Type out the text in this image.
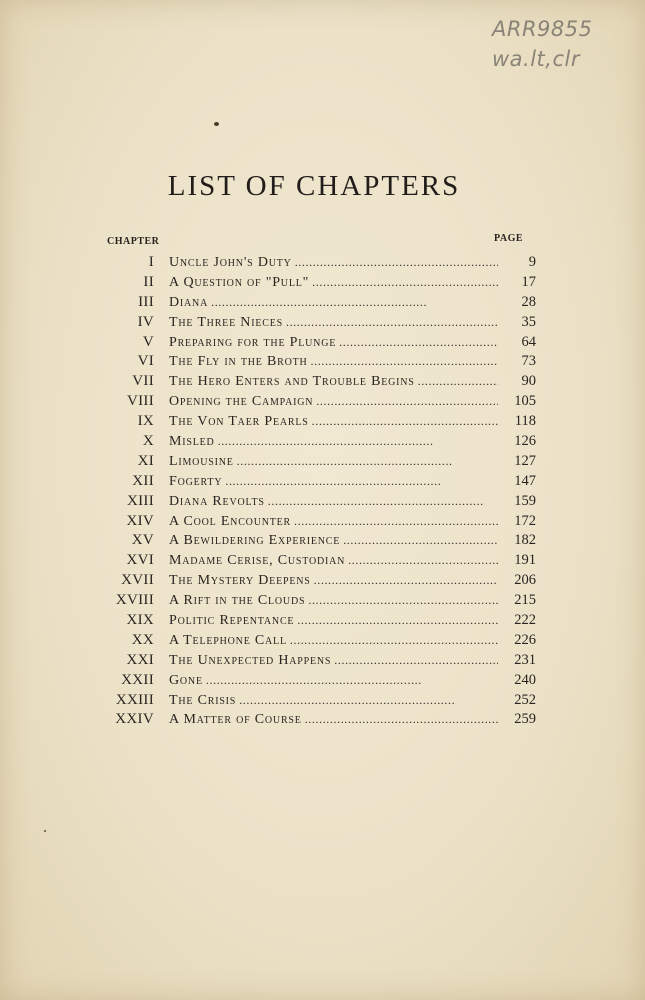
ARR9855
wa.lt,clr
LIST OF CHAPTERS
CHAPTER	PAGE
I	Uncle John's Duty . . .	9
II	A Question of "Pull" . . .	17
III	Diana . . .	28
IV	The Three Nieces . . .	35
V	Preparing for the Plunge . . .	64
VI	The Fly in the Broth . . .	73
VII	The Hero Enters and Trouble Begins . . .	90
VIII	Opening the Campaign . . .	105
IX	The Von Taer Pearls . . .	118
X	Misled . . .	126
XI	Limousine . . .	127
XII	Fogerty . . .	147
XIII	Diana Revolts . . .	159
XIV	A Cool Encounter . . .	172
XV	A Bewildering Experience . . .	182
XVI	Madame Cerise, Custodian . . .	191
XVII	The Mystery Deepens . . .	206
XVIII	A Rift in the Clouds . . .	215
XIX	Politic Repentance . . .	222
XX	A Telephone Call . . .	226
XXI	The Unexpected Happens . . .	231
XXII	Gone . . .	240
XXIII	The Crisis . . .	252
XXIV	A Matter of Course . . .	259
